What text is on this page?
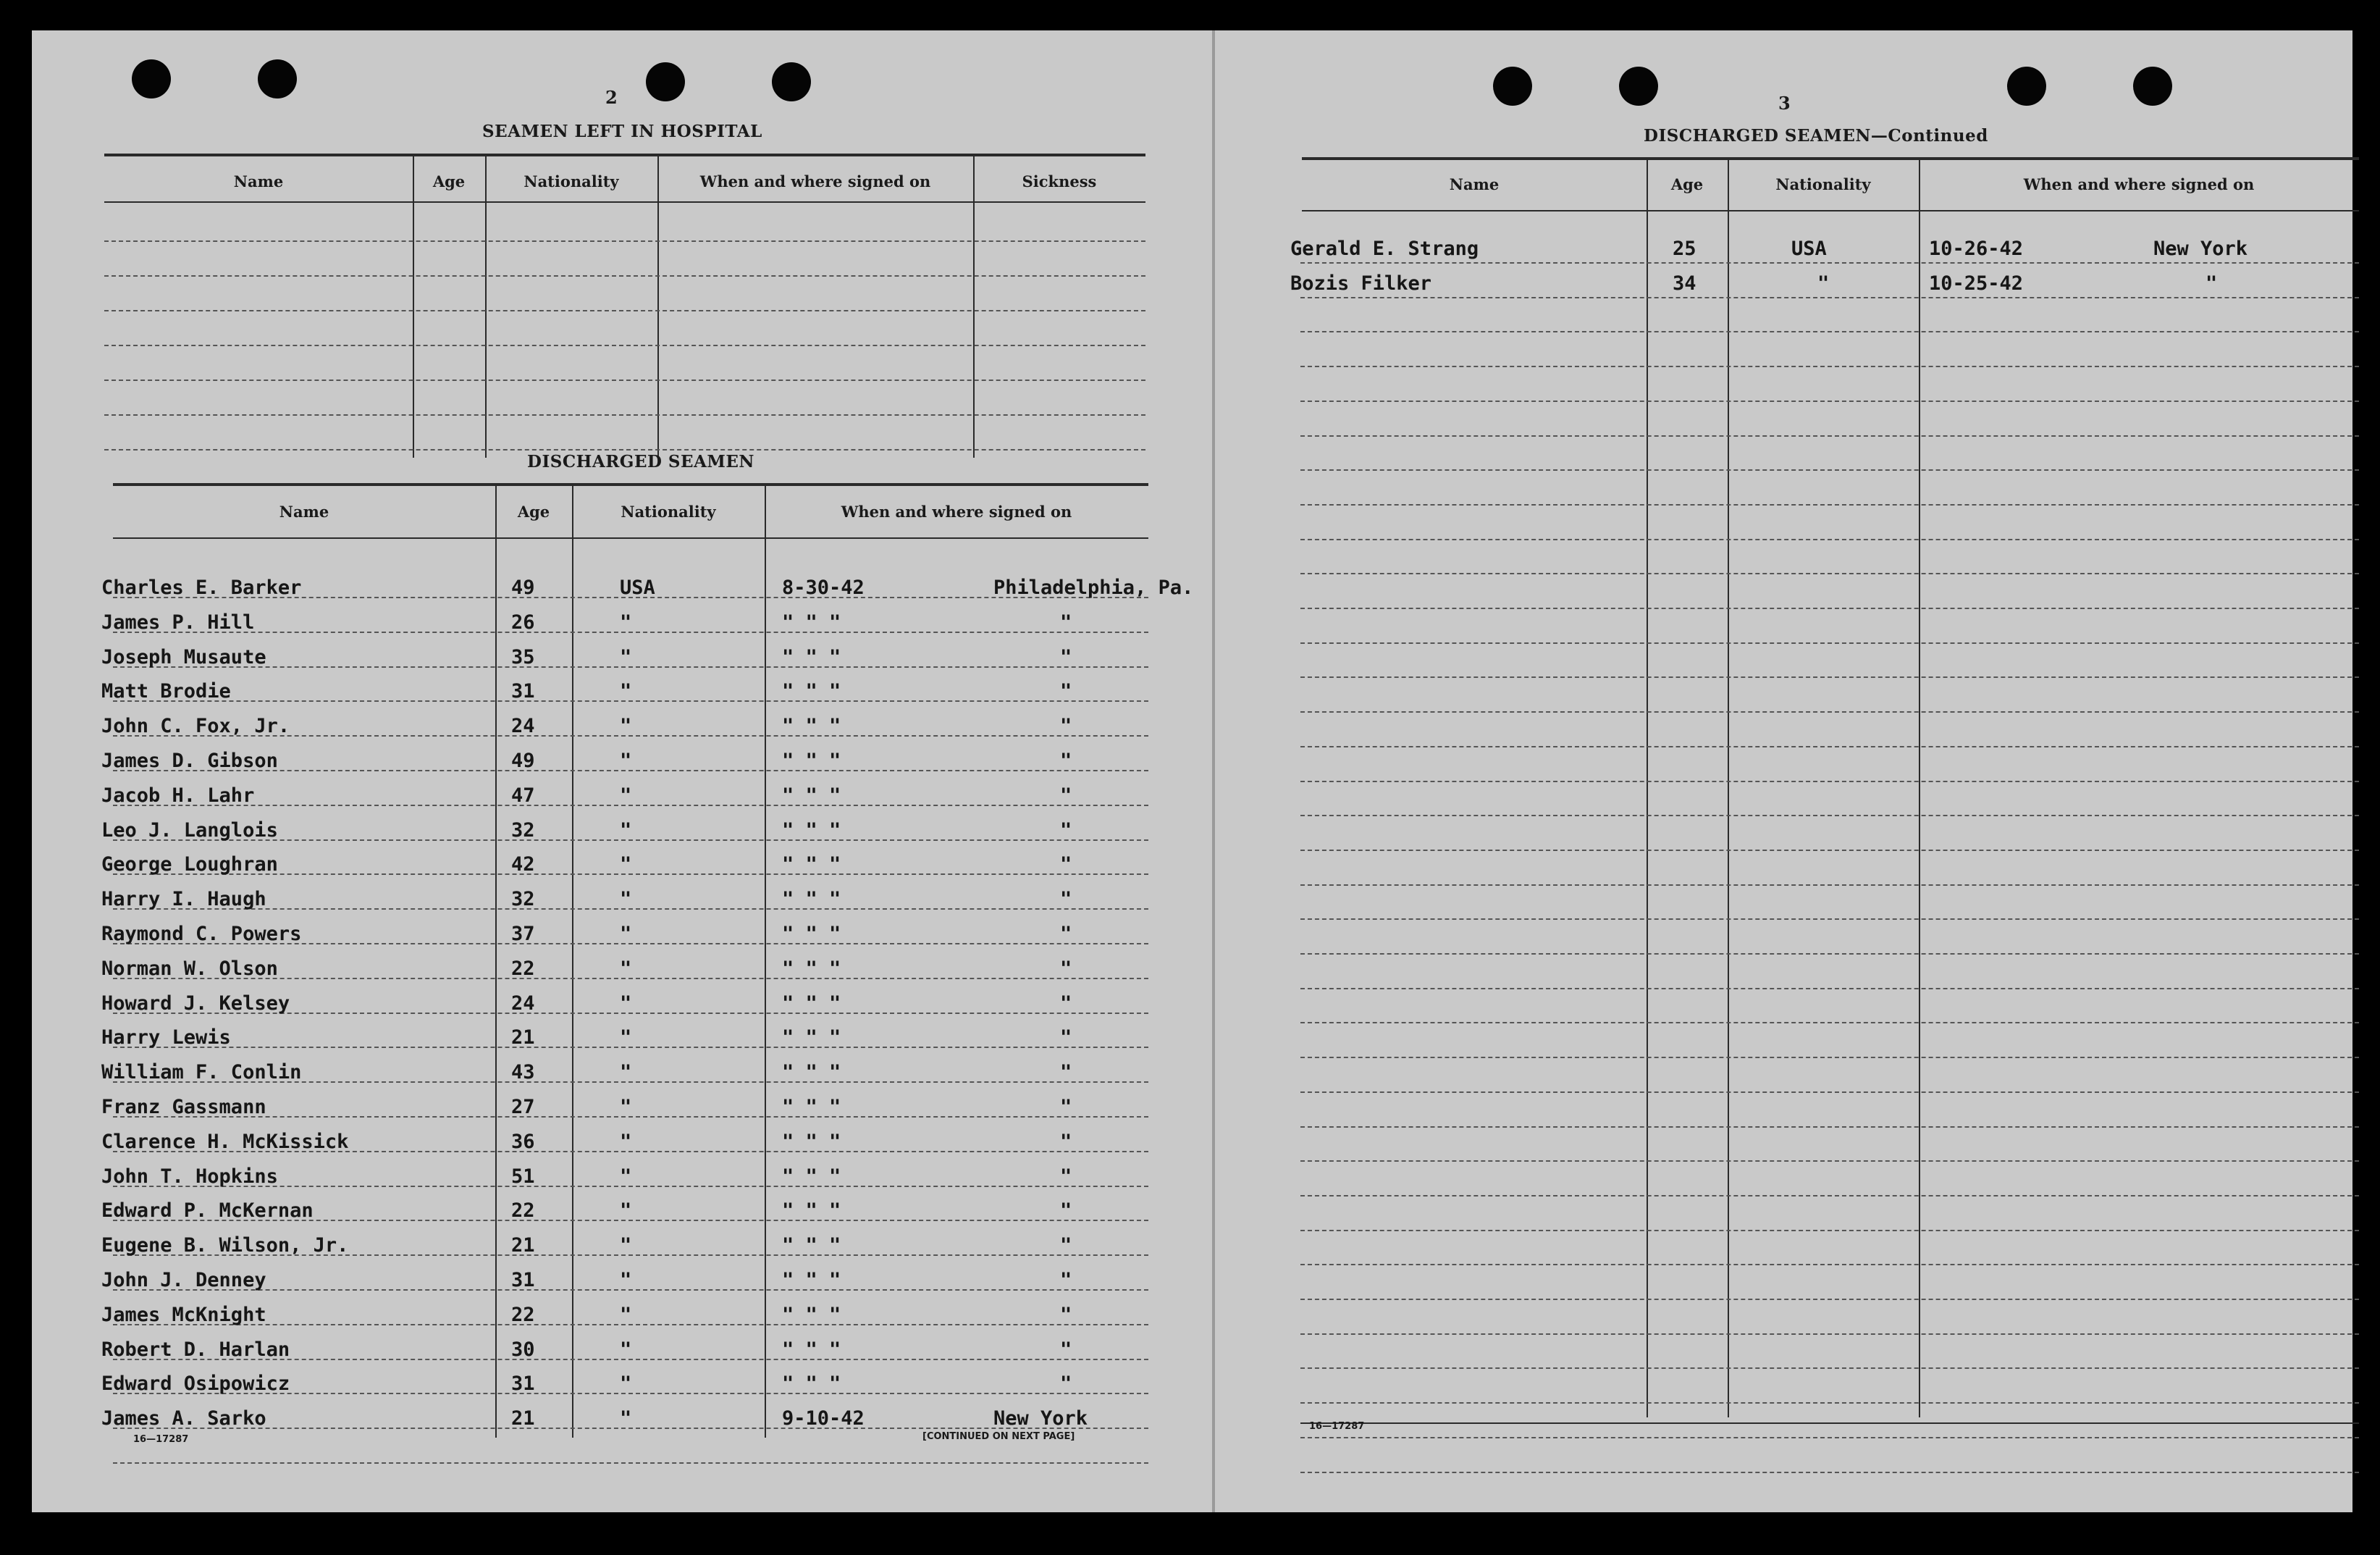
2
SEAMEN LEFT IN HOSPITAL
Name	Age	Nationality	When and where signed on	Sickness
DISCHARGED SEAMEN
Name	Age	Nationality	When and where signed on
Charles E. Barker	49	USA	8-30-42	Philadelphia, Pa.
James P. Hill	26	"	" " "	"
Joseph Musaute	35	"	" " "	"
Matt Brodie	31	"	" " "	"
John C. Fox, Jr.	24	"	" " "	"
James D. Gibson	49	"	" " "	"
Jacob H. Lahr	47	"	" " "	"
Leo J. Langlois	32	"	" " "	"
George Loughran	42	"	" " "	"
Harry I. Haugh	32	"	" " "	"
Raymond C. Powers	37	"	" " "	"
Norman W. Olson	22	"	" " "	"
Howard J. Kelsey	24	"	" " "	"
Harry Lewis	21	"	" " "	"
William F. Conlin	43	"	" " "	"
Franz Gassmann	27	"	" " "	"
Clarence H. McKissick	36	"	" " "	"
John T. Hopkins	51	"	" " "	"
Edward P. McKernan	22	"	" " "	"
Eugene B. Wilson, Jr.	21	"	" " "	"
John J. Denney	31	"	" " "	"
James McKnight	22	"	" " "	"
Robert D. Harlan	30	"	" " "	"
Edward Osipowicz	31	"	" " "	"
James A. Sarko	21	"	9-10-42	New York
16—17287	[CONTINUED ON NEXT PAGE]
3
DISCHARGED SEAMEN—Continued
Name	Age	Nationality	When and where signed on
Gerald E. Strang	25	USA	10-26-42	New York
Bozis Filker	34	"	10-25-42	"
16—17287
